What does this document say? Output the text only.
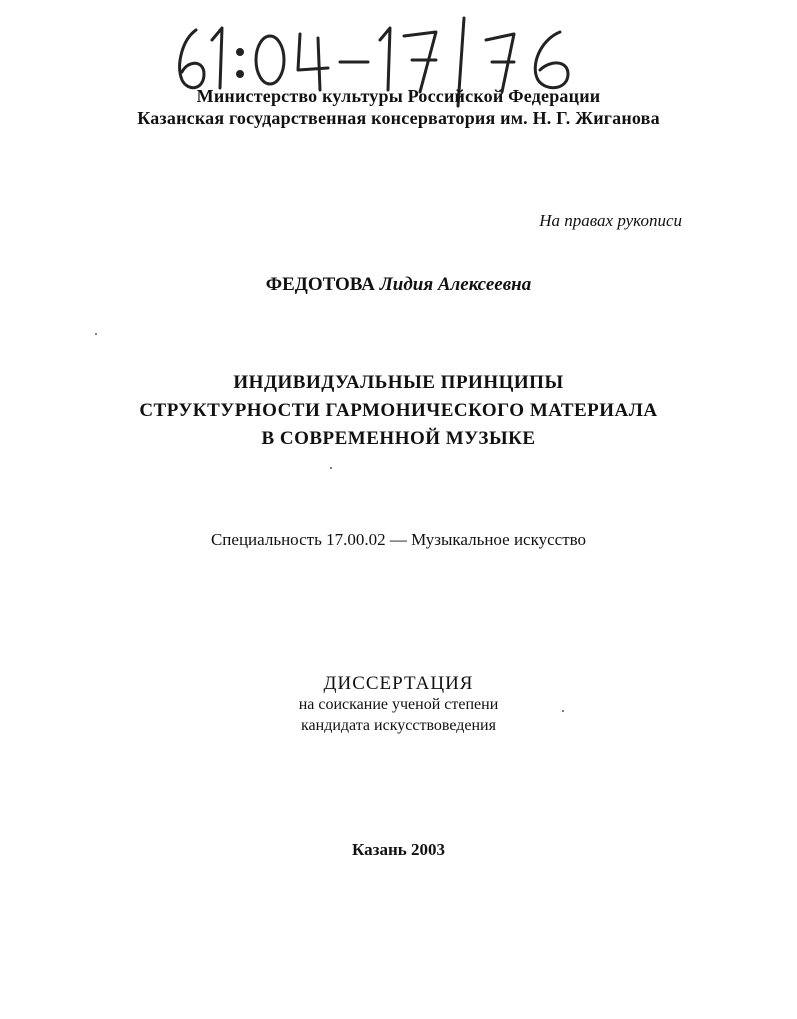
Министерство культуры Российской Федерации
Казанская государственная консерватория им. Н. Г. Жиганова
На правах рукописи
ФЕДОТОВА Лидия Алексеевна
ИНДИВИДУАЛЬНЫЕ ПРИНЦИПЫ
СТРУКТУРНОСТИ ГАРМОНИЧЕСКОГО МАТЕРИАЛА
В СОВРЕМЕННОЙ МУЗЫКЕ
Специальность 17.00.02 — Музыкальное искусство
ДИССЕРТАЦИЯ
на соискание ученой степени
кандидата искусствоведения
Казань 2003
